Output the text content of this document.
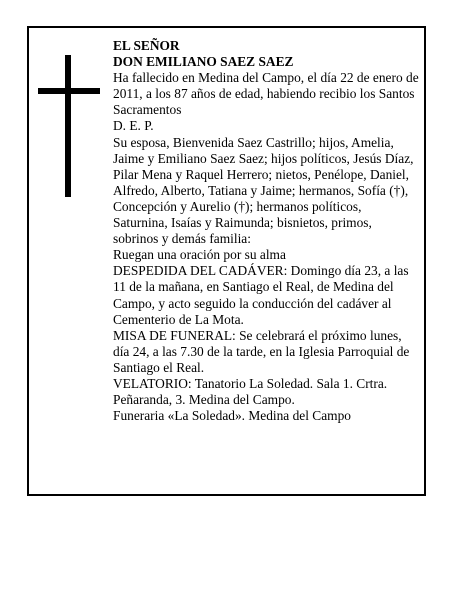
EL SEÑOR

DON EMILIANO SAEZ SAEZ

Ha fallecido en Medina del Campo, el día 22 de enero de 2011, a los 87 años de edad, habiendo recibio los Santos Sacramentos

D. E. P.

Su esposa, Bienvenida Saez Castrillo; hijos, Amelia, Jaime y Emiliano Saez Saez; hijos políticos, Jesús Díaz, Pilar Mena y Raquel Herrero; nietos, Penélope, Daniel, Alfredo, Alberto, Tatiana y Jaime; hermanos, Sofía (†), Concepción y Aurelio (†); hermanos políticos, Saturnina, Isaías y Raimunda; bisnietos, primos, sobrinos y demás familia:

Ruegan una oración por su alma

DESPEDIDA DEL CADÁVER: Domingo día 23, a las 11 de la mañana, en Santiago el Real, de Medina del Campo, y acto seguido la conducción del cadáver al Cementerio de La Mota.

MISA DE FUNERAL: Se celebrará el próximo lunes, día 24, a las 7.30 de la tarde, en la Iglesia Parroquial de Santiago el Real.

VELATORIO: Tanatorio La Soledad. Sala 1. Crtra. Peñaranda, 3. Medina del Campo.

Funeraria «La Soledad». Medina del Campo
